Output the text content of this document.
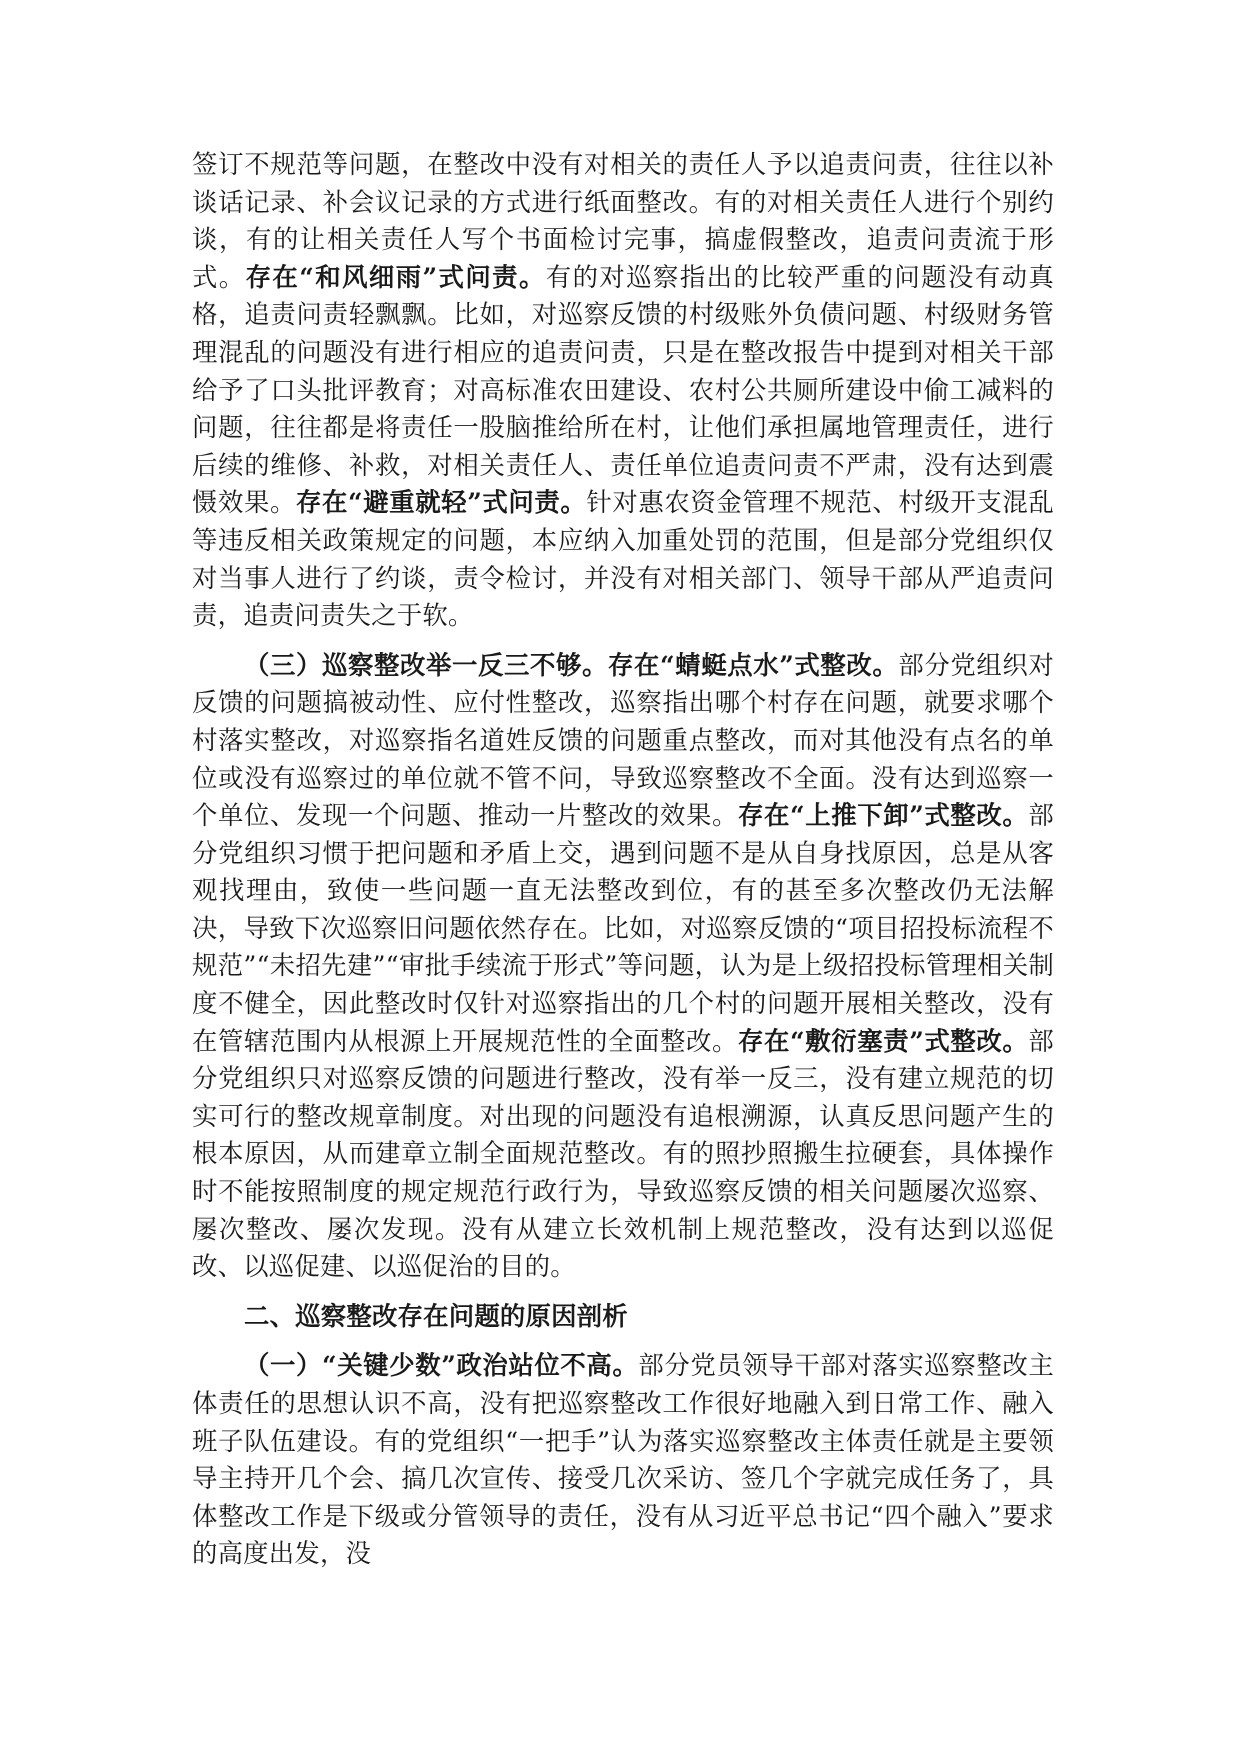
签订不规范等问题，在整改中没有对相关的责任人予以追责问责，往往以补谈话记录、补会议记录的方式进行纸面整改。有的对相关责任人进行个别约谈，有的让相关责任人写个书面检讨完事，搞虚假整改，追责问责流于形式。存在“和风细雨”式问责。有的对巡察指出的比较严重的问题没有动真格，追责问责轻飘飘。比如，对巡察反馈的村级账外负债问题、村级财务管理混乱的问题没有进行相应的追责问责，只是在整改报告中提到对相关干部给予了口头批评教育；对高标准农田建设、农村公共厕所建设中偷工减料的问题，往往都是将责任一股脑推给所在村，让他们承担属地管理责任，进行后续的维修、补救，对相关责任人、责任单位追责问责不严肃，没有达到震慑效果。存在“避重就轻”式问责。针对惠农资金管理不规范、村级开支混乱等违反相关政策规定的问题，本应纳入加重处罚的范围，但是部分党组织仅对当事人进行了约谈，责令检讨，并没有对相关部门、领导干部从严追责问责，追责问责失之于软。

（三）巡察整改举一反三不够。存在“蜻蜓点水”式整改。部分党组织对反馈的问题搞被动性、应付性整改，巡察指出哪个村存在问题，就要求哪个村落实整改，对巡察指名道姓反馈的问题重点整改，而对其他没有点名的单位或没有巡察过的单位就不管不问，导致巡察整改不全面。没有达到巡察一个单位、发现一个问题、推动一片整改的效果。存在“上推下卸”式整改。部分党组织习惯于把问题和矛盾上交，遇到问题不是从自身找原因，总是从客观找理由，致使一些问题一直无法整改到位，有的甚至多次整改仍无法解决，导致下次巡察旧问题依然存在。比如，对巡察反馈的“项目招投标流程不规范”“未招先建”“审批手续流于形式”等问题，认为是上级招投标管理相关制度不健全，因此整改时仅针对巡察指出的几个村的问题开展相关整改，没有在管辖范围内从根源上开展规范性的全面整改。存在“敷衍塞责”式整改。部分党组织只对巡察反馈的问题进行整改，没有举一反三，没有建立规范的切实可行的整改规章制度。对出现的问题没有追根溯源，认真反思问题产生的根本原因，从而建章立制全面规范整改。有的照抄照搬生拉硬套，具体操作时不能按照制度的规定规范行政行为，导致巡察反馈的相关问题屡次巡察、屡次整改、屡次发现。没有从建立长效机制上规范整改，没有达到以巡促改、以巡促建、以巡促治的目的。

二、巡察整改存在问题的原因剖析

（一）“关键少数”政治站位不高。部分党员领导干部对落实巡察整改主体责任的思想认识不高，没有把巡察整改工作很好地融入到日常工作、融入班子队伍建设。有的党组织“一把手”认为落实巡察整改主体责任就是主要领导主持开几个会、搞几次宣传、接受几次采访、签几个字就完成任务了，具体整改工作是下级或分管领导的责任，没有从习近平总书记“四个融入”要求的高度出发，没
